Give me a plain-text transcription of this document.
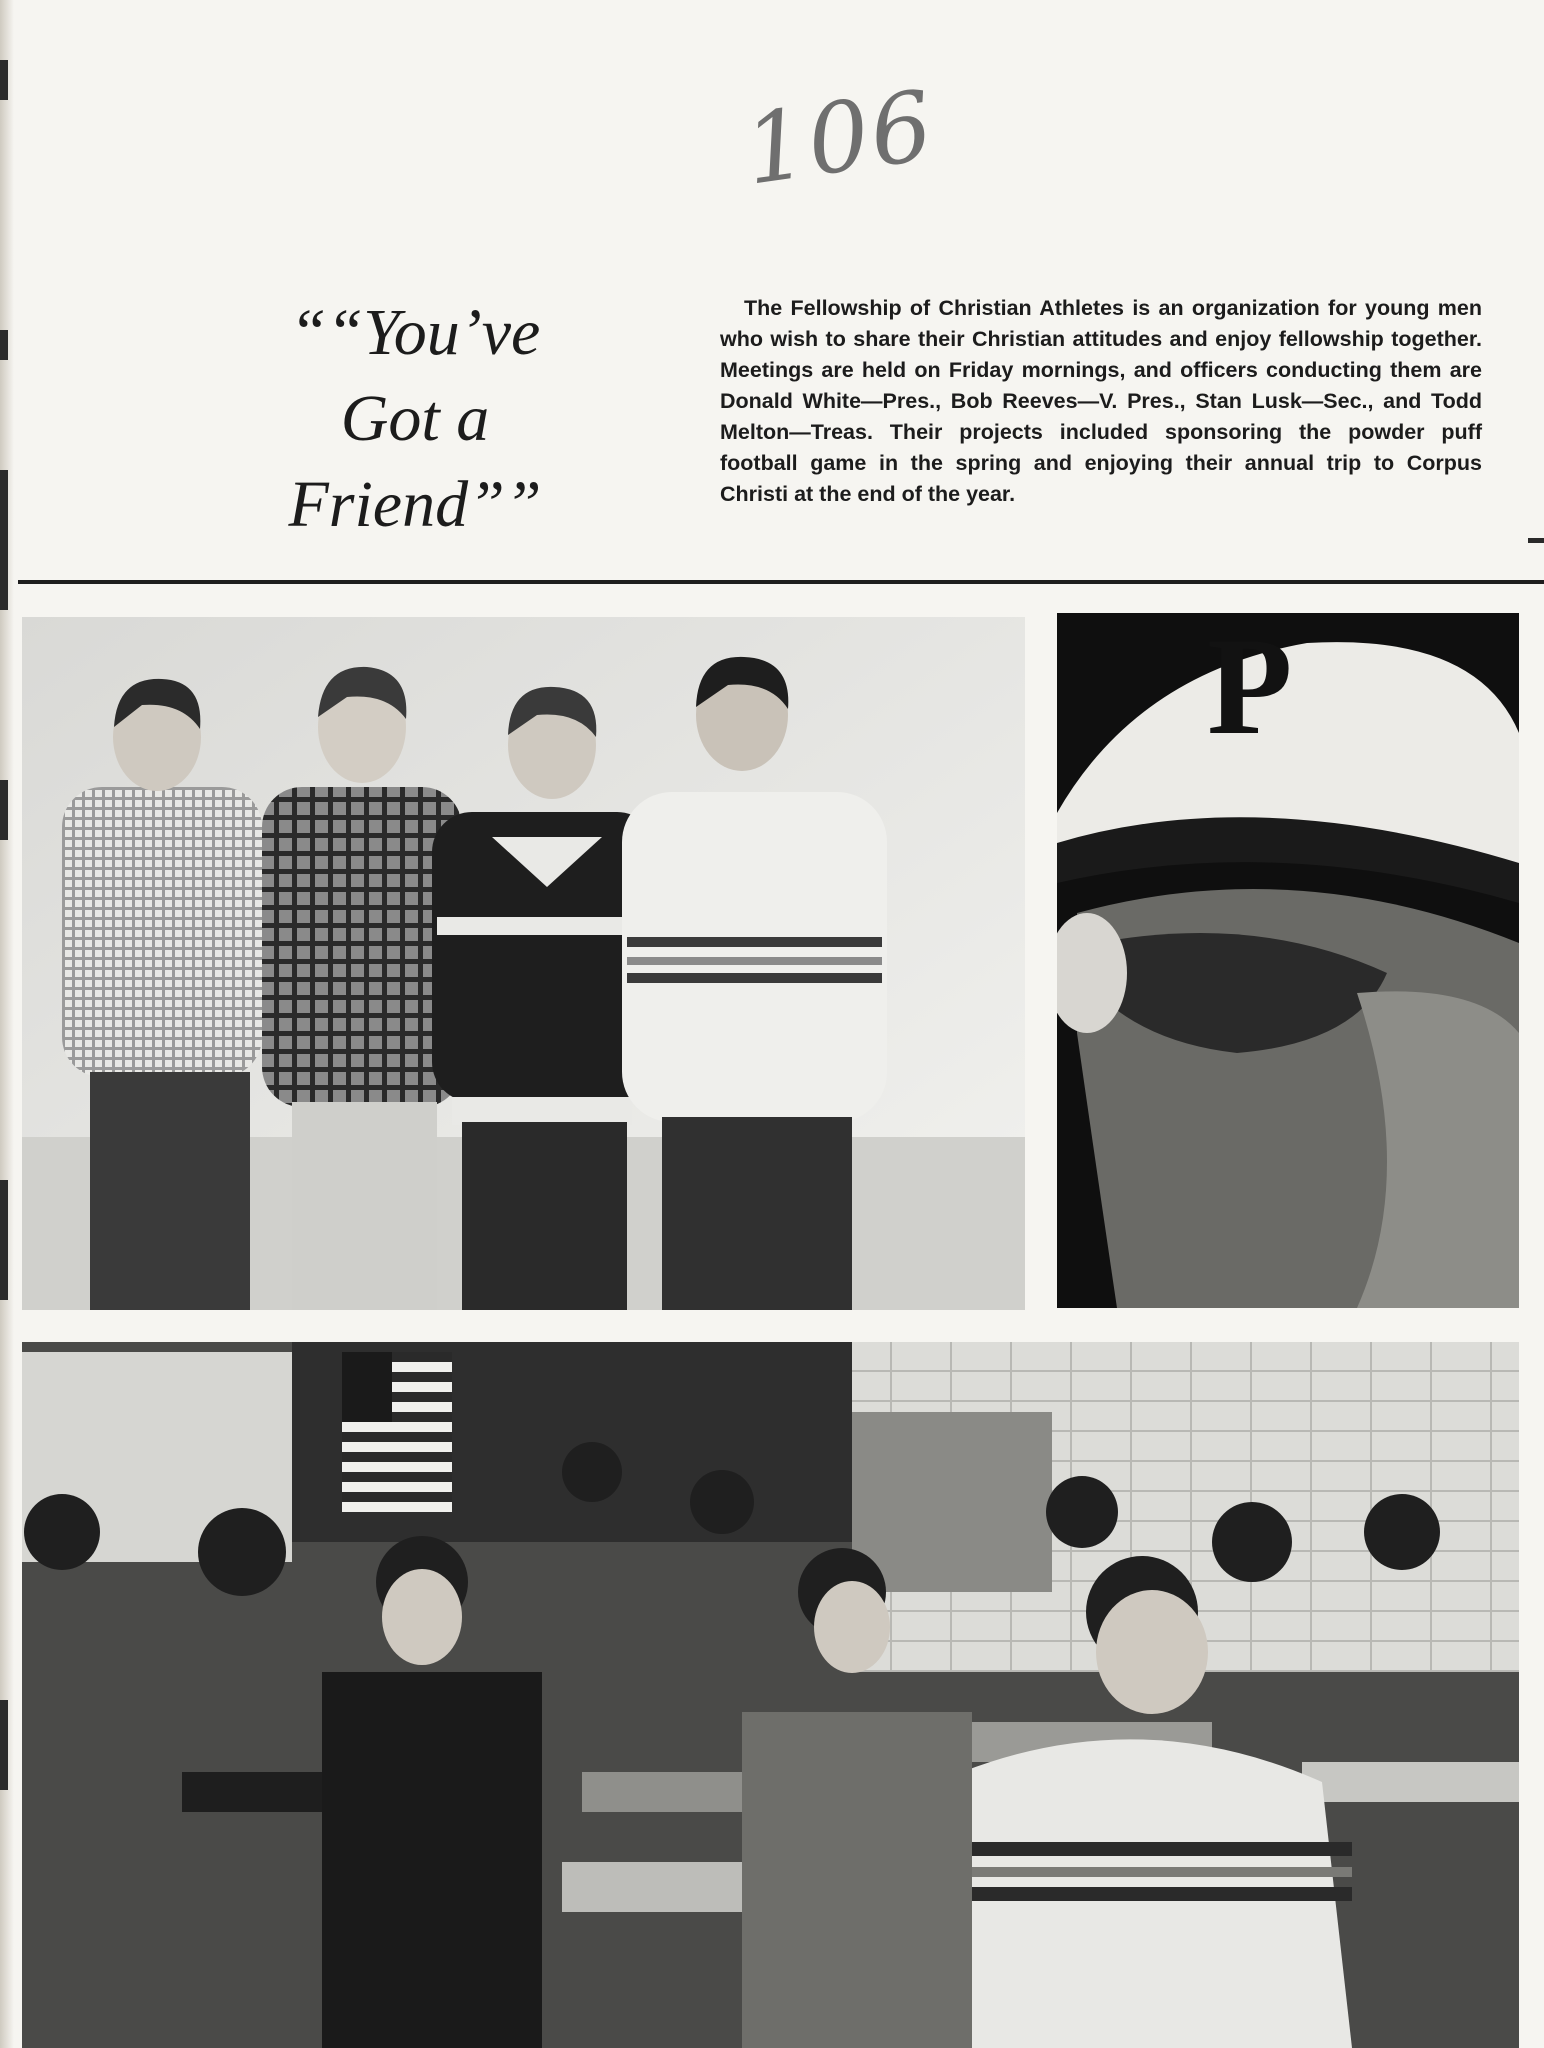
106
““You’ve
Got a
Friend””

The Fellowship of Christian Athletes is an organization for young men who wish to share their Christian attitudes and enjoy fellowship together. Meetings are held on Friday mornings, and officers conducting them are Donald White—Pres., Bob Reeves—V. Pres., Stan Lusk—Sec., and Todd Melton—Treas. Their projects included sponsoring the powder puff football game in the spring and enjoying their annual trip to Corpus Christi at the end of the year.

P
